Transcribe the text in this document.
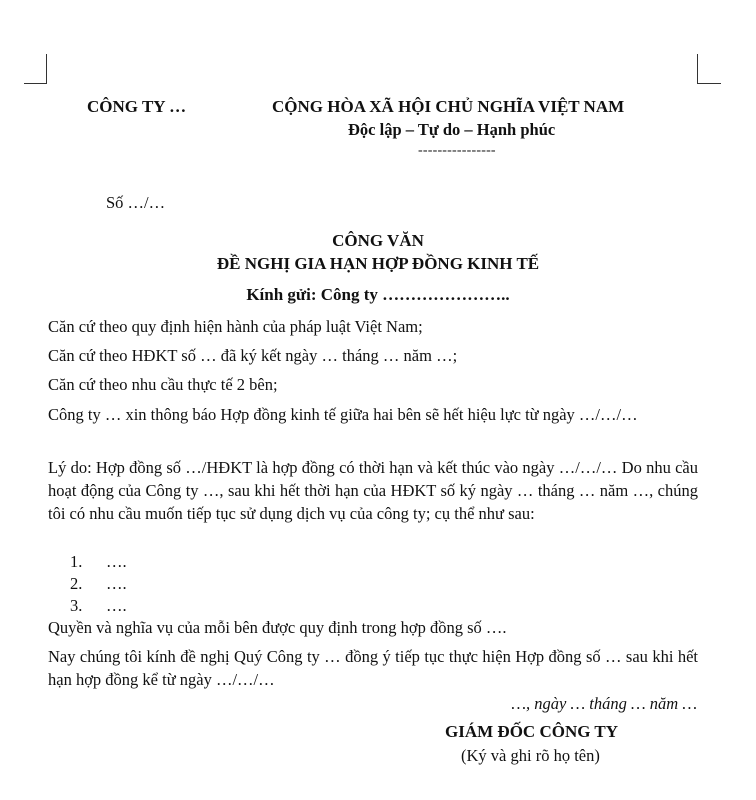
CÔNG TY …	CỘNG HÒA XÃ HỘI CHỦ NGHĨA VIỆT NAM
Độc lập – Tự do – Hạnh phúc
----------------
Số …/…
CÔNG VĂN
ĐỀ NGHỊ GIA HẠN HỢP ĐỒNG KINH TẾ
Kính gửi: Công ty …………………..
Căn cứ theo quy định hiện hành của pháp luật Việt Nam;
Căn cứ theo HĐKT số … đã ký kết ngày … tháng … năm …;
Căn cứ theo nhu cầu thực tế 2 bên;
Công ty … xin thông báo Hợp đồng kinh tế giữa hai bên sẽ hết hiệu lực từ ngày …/…/…
Lý do: Hợp đồng số …/HĐKT là hợp đồng có thời hạn và kết thúc vào ngày …/…/… Do nhu cầu hoạt động của Công ty …, sau khi hết thời hạn của HĐKT số ký ngày … tháng … năm …, chúng tôi có nhu cầu muốn tiếp tục sử dụng dịch vụ của công ty; cụ thể như sau:
1. ….
2. ….
3. ….
Quyền và nghĩa vụ của mỗi bên được quy định trong hợp đồng số ….
Nay chúng tôi kính đề nghị Quý Công ty … đồng ý tiếp tục thực hiện Hợp đồng số … sau khi hết hạn hợp đồng kể từ ngày …/…/…
…, ngày … tháng … năm …
GIÁM ĐỐC CÔNG TY
(Ký và ghi rõ họ tên)
